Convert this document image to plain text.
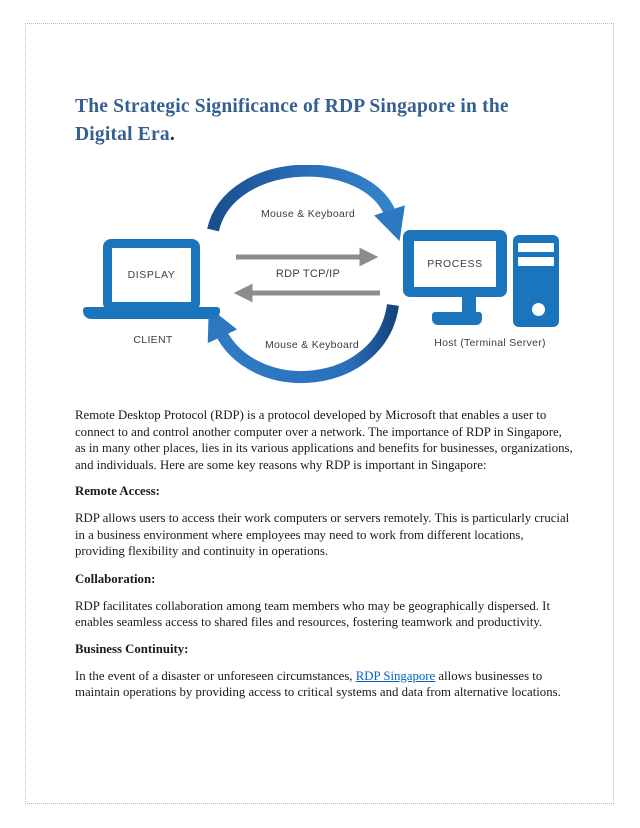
The Strategic Significance of RDP Singapore in the
Digital Era.
DISPLAY
CLIENT
PROCESS
Host (Terminal Server)
Mouse & Keyboard
RDP TCP/IP
Mouse & Keyboard
Remote Desktop Protocol (RDP) is a protocol developed by Microsoft that enables a user to
connect to and control another computer over a network. The importance of RDP in Singapore,
as in many other places, lies in its various applications and benefits for businesses, organizations,
and individuals. Here are some key reasons why RDP is important in Singapore:
Remote Access:
RDP allows users to access their work computers or servers remotely. This is particularly crucial
in a business environment where employees may need to work from different locations,
providing flexibility and continuity in operations.
Collaboration:
RDP facilitates collaboration among team members who may be geographically dispersed. It
enables seamless access to shared files and resources, fostering teamwork and productivity.
Business Continuity:
In the event of a disaster or unforeseen circumstances, RDP Singapore allows businesses to
maintain operations by providing access to critical systems and data from alternative locations.
